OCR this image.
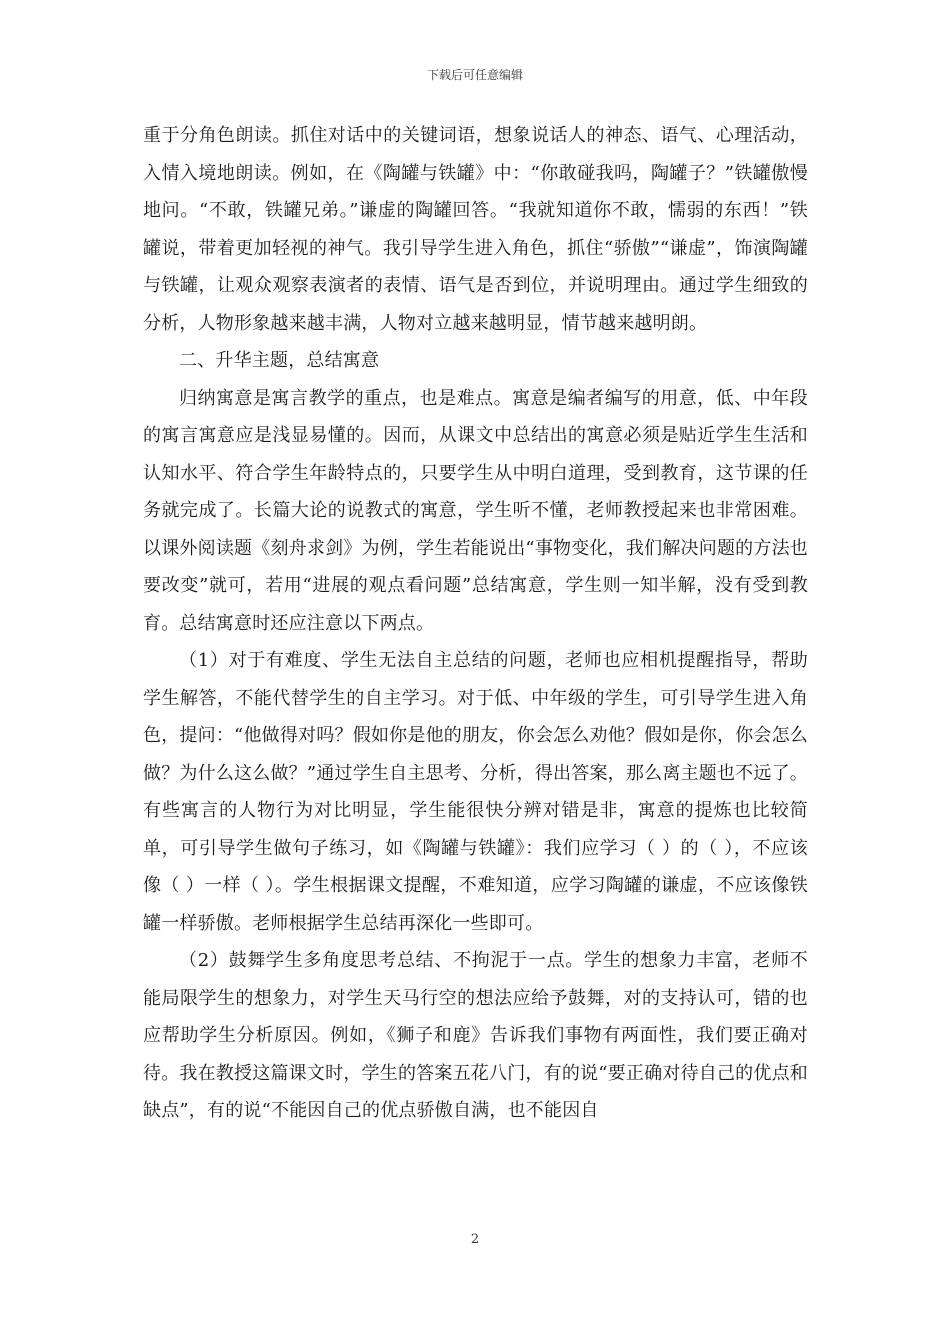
下载后可任意编辑

重于分角色朗读。抓住对话中的关键词语，想象说话人的神态、语气、心理活动，入情入境地朗读。例如，在《陶罐与铁罐》中：“你敢碰我吗，陶罐子？”铁罐傲慢地问。“不敢，铁罐兄弟。”谦虚的陶罐回答。“我就知道你不敢，懦弱的东西！”铁罐说，带着更加轻视的神气。我引导学生进入角色，抓住“骄傲”“谦虚”，饰演陶罐与铁罐，让观众观察表演者的表情、语气是否到位，并说明理由。通过学生细致的分析，人物形象越来越丰满，人物对立越来越明显，情节越来越明朗。

二、升华主题，总结寓意

归纳寓意是寓言教学的重点，也是难点。寓意是编者编写的用意，低、中年段的寓言寓意应是浅显易懂的。因而，从课文中总结出的寓意必须是贴近学生生活和认知水平、符合学生年龄特点的，只要学生从中明白道理，受到教育，这节课的任务就完成了。长篇大论的说教式的寓意，学生听不懂，老师教授起来也非常困难。以课外阅读题《刻舟求剑》为例，学生若能说出“事物变化，我们解决问题的方法也要改变”就可，若用“进展的观点看问题”总结寓意，学生则一知半解，没有受到教育。总结寓意时还应注意以下两点。

（1）对于有难度、学生无法自主总结的问题，老师也应相机提醒指导，帮助学生解答，不能代替学生的自主学习。对于低、中年级的学生，可引导学生进入角色，提问：“他做得对吗？假如你是他的朋友，你会怎么劝他？假如是你，你会怎么做？为什么这么做？”通过学生自主思考、分析，得出答案，那么离主题也不远了。有些寓言的人物行为对比明显，学生能很快分辨对错是非，寓意的提炼也比较简单，可引导学生做句子练习，如《陶罐与铁罐》：我们应学习（ ）的（ ），不应该像（ ）一样（ ）。学生根据课文提醒，不难知道，应学习陶罐的谦虚，不应该像铁罐一样骄傲。老师根据学生总结再深化一些即可。

（2）鼓舞学生多角度思考总结、不拘泥于一点。学生的想象力丰富，老师不能局限学生的想象力，对学生天马行空的想法应给予鼓舞，对的支持认可，错的也应帮助学生分析原因。例如，《狮子和鹿》告诉我们事物有两面性，我们要正确对待。我在教授这篇课文时，学生的答案五花八门，有的说“要正确对待自己的优点和缺点”，有的说“不能因自己的优点骄傲自满，也不能因自

2
